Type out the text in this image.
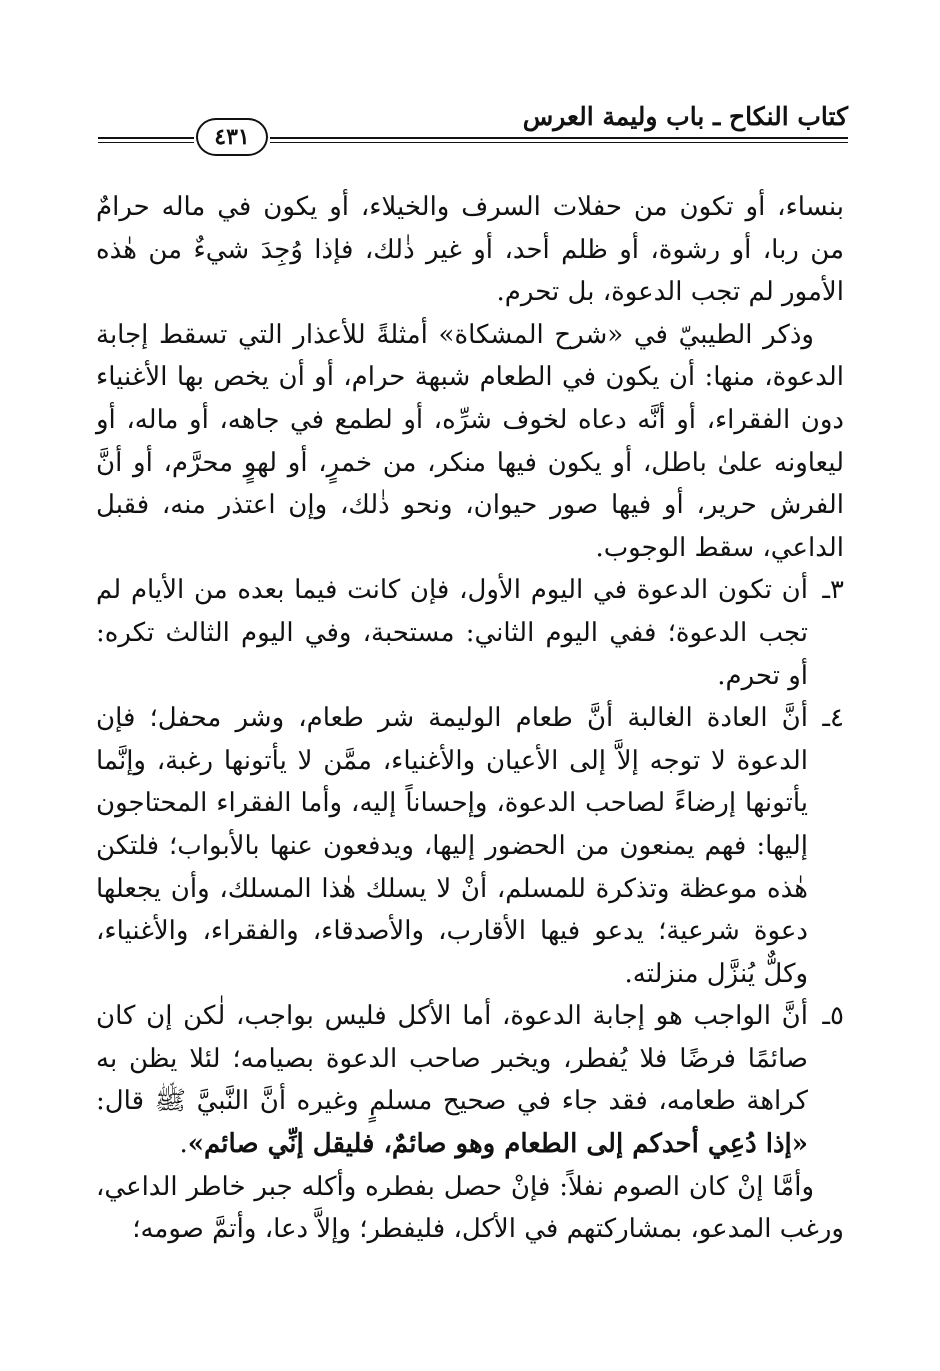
كتاب النكاح ـ باب وليمة العرس
٤٣١

بنساء، أو تكون من حفلات السرف والخيلاء، أو يكون في ماله حرامٌ من ربا، أو رشوة، أو ظلم أحد، أو غير ذٰلك، فإذا وُجِدَ شيءٌ من هٰذه الأمور لم تجب الدعوة، بل تحرم.

وذكر الطيبيّ في «شرح المشكاة» أمثلةً للأعذار التي تسقط إجابة الدعوة، منها: أن يكون في الطعام شبهة حرام، أو أن يخص بها الأغنياء دون الفقراء، أو أنَّه دعاه لخوف شرِّه، أو لطمع في جاهه، أو ماله، أو ليعاونه علىٰ باطل، أو يكون فيها منكر، من خمرٍ، أو لهوٍ محرَّم، أو أنَّ الفرش حرير، أو فيها صور حيوان، ونحو ذٰلك، وإن اعتذر منه، فقبل الداعي، سقط الوجوب.

٣ـ
أن تكون الدعوة في اليوم الأول، فإن كانت فيما بعده من الأيام لم تجب الدعوة؛ ففي اليوم الثاني: مستحبة، وفي اليوم الثالث تكره: أو تحرم.

٤ـ
أنَّ العادة الغالبة أنَّ طعام الوليمة شر طعام، وشر محفل؛ فإن الدعوة لا توجه إلاَّ إلى الأعيان والأغنياء، ممَّن لا يأتونها رغبة، وإنَّما يأتونها إرضاءً لصاحب الدعوة، وإحساناً إليه، وأما الفقراء المحتاجون إليها: فهم يمنعون من الحضور إليها، ويدفعون عنها بالأبواب؛ فلتكن هٰذه موعظة وتذكرة للمسلم، أنْ لا يسلك هٰذا المسلك، وأن يجعلها دعوة شرعية؛ يدعو فيها الأقارب، والأصدقاء، والفقراء، والأغنياء، وكلٌّ يُنزَّل منزلته.

٥ـ
أنَّ الواجب هو إجابة الدعوة، أما الأكل فليس بواجب، لٰكن إن كان صائمًا فرضًا فلا يُفطر، ويخبر صاحب الدعوة بصيامه؛ لئلا يظن به كراهة طعامه، فقد جاء في صحيح مسلمٍ وغيره أنَّ النَّبيَّ ﷺ قال: «إذا دُعِي أحدكم إلى الطعام وهو صائمٌ، فليقل إنِّي صائم».

وأمَّا إنْ كان الصوم نفلاً: فإنْ حصل بفطره وأكله جبر خاطر الداعي، ورغب المدعو، بمشاركتهم في الأكل، فليفطر؛ وإلاَّ دعا، وأتمَّ صومه؛
